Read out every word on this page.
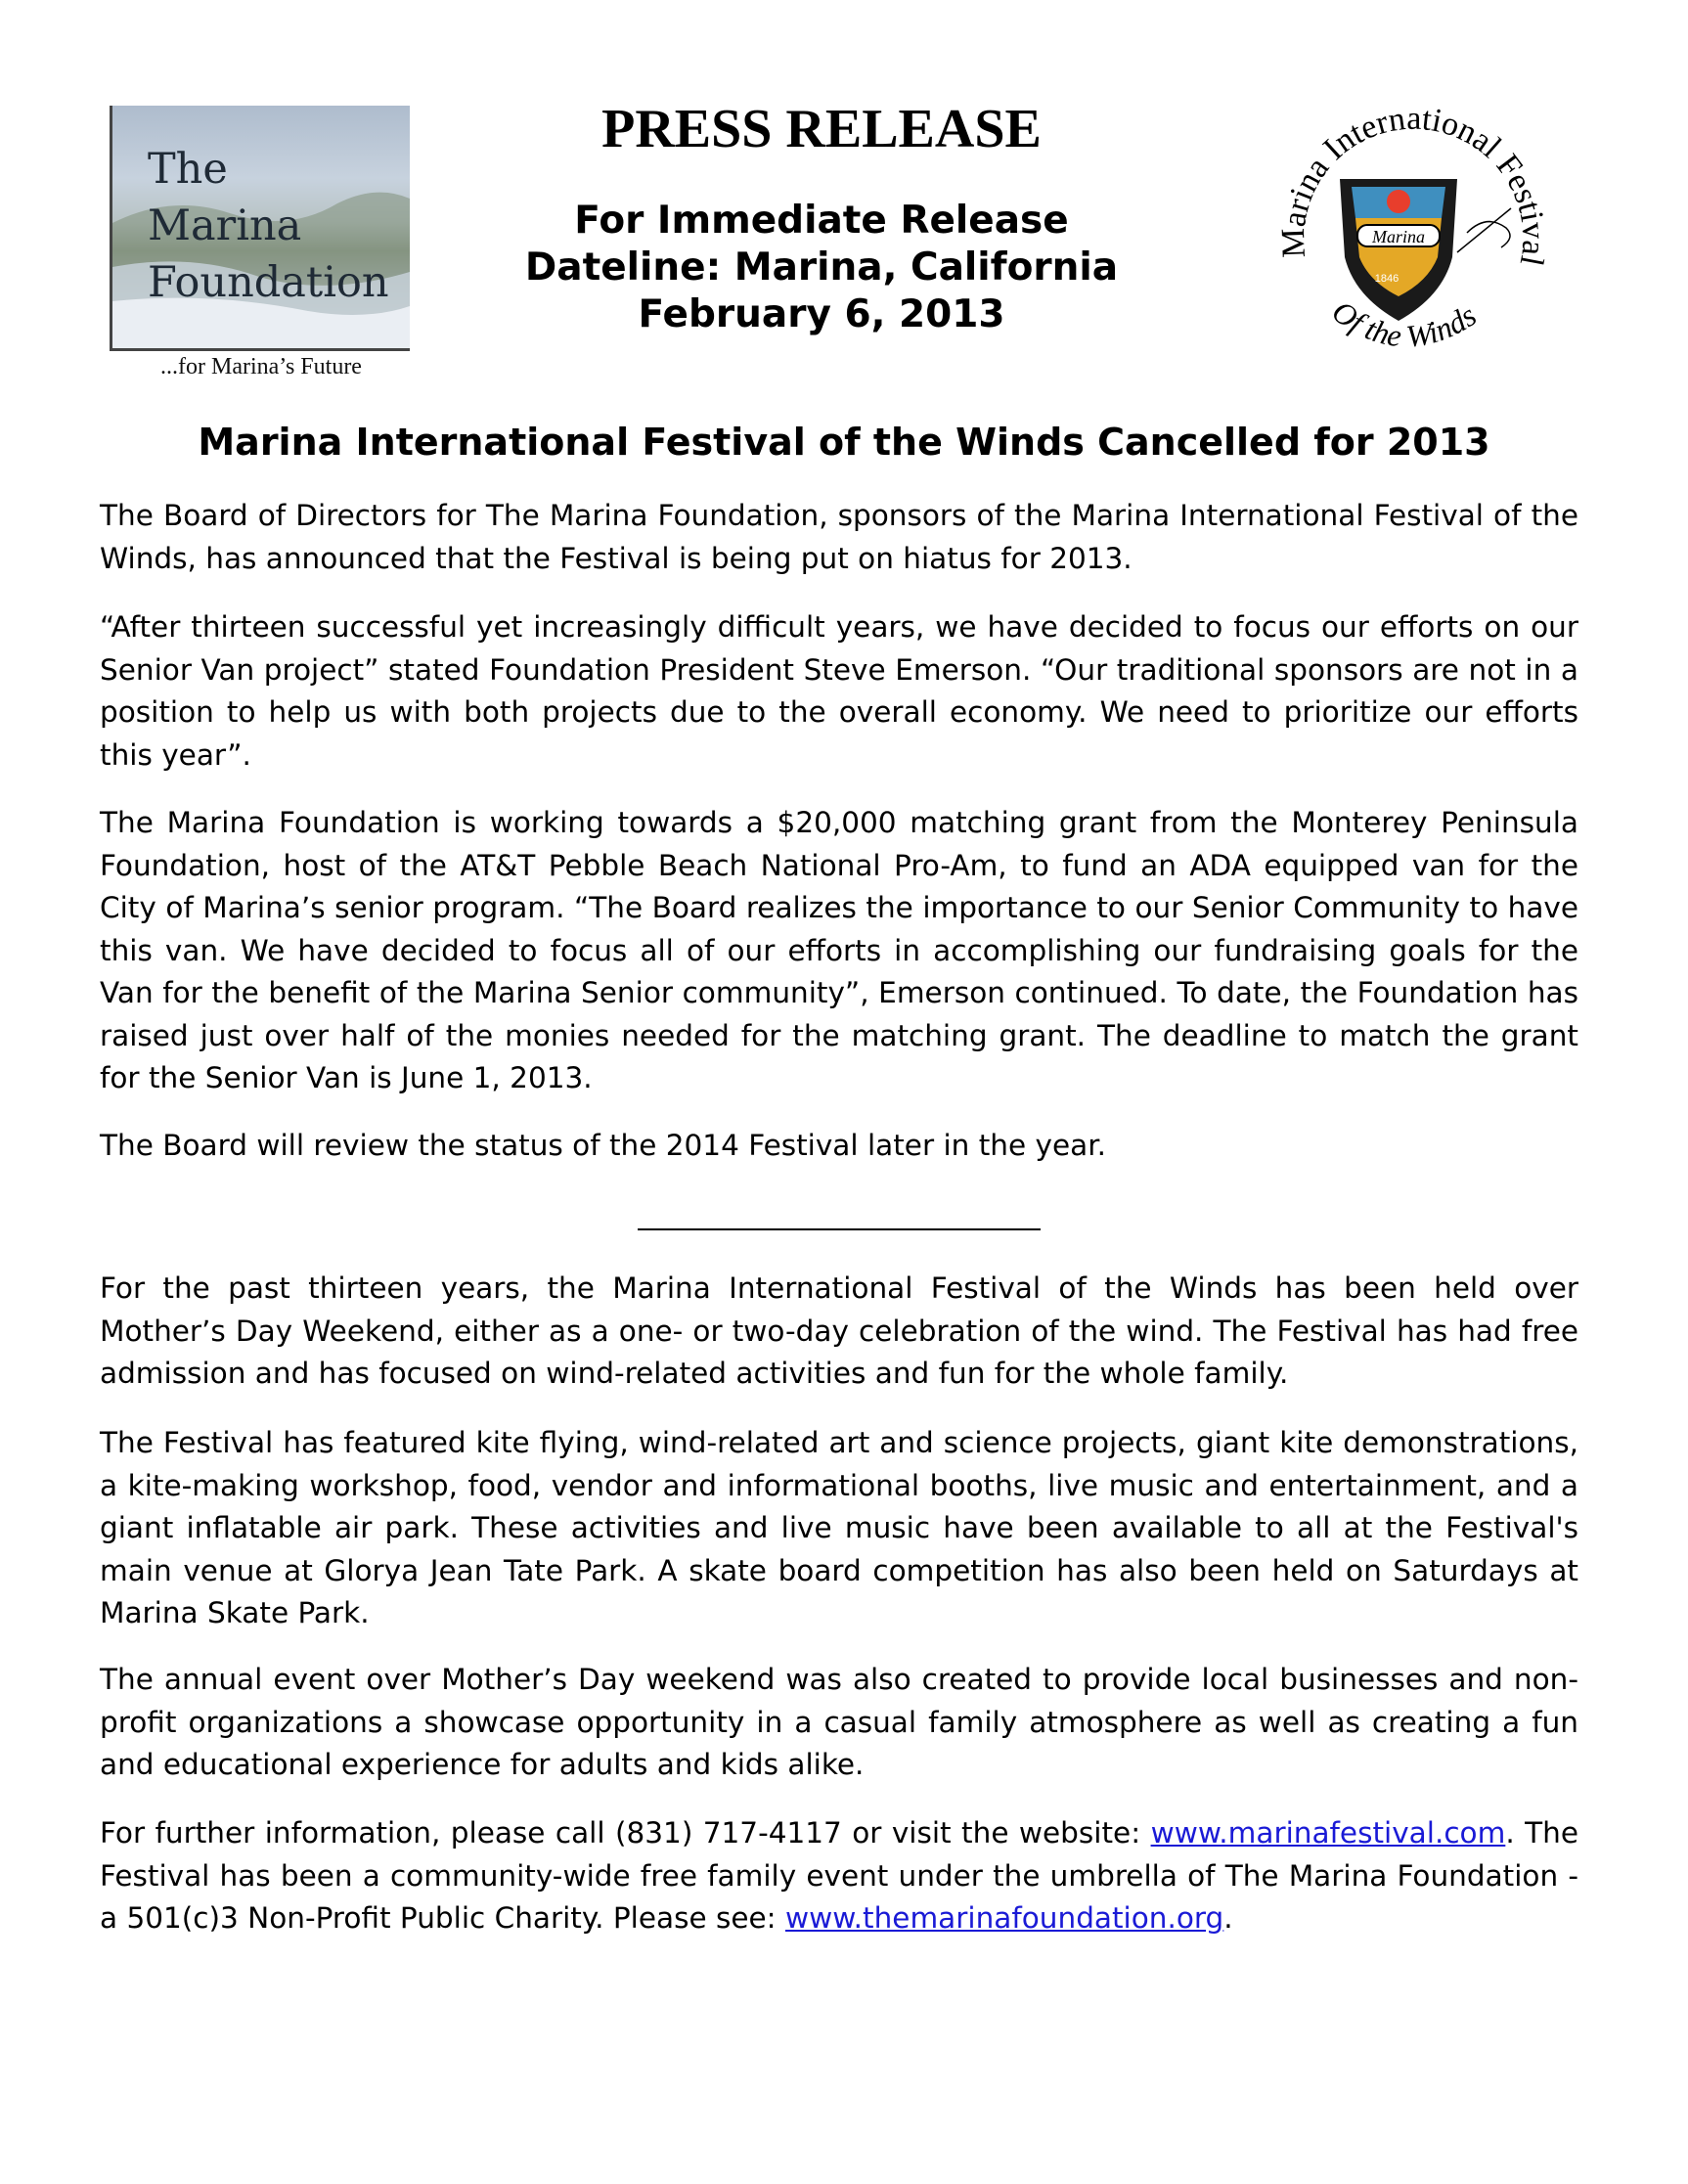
The
Marina
Foundation
...for Marina’s Future
PRESS RELEASE
For Immediate Release
Dateline: Marina, California
February 6, 2013
Marina International Festival
Marina
1846
Of the Winds
Marina International Festival of the Winds Cancelled for 2013

The Board of Directors for The Marina Foundation, sponsors of the Marina International Festival of the Winds, has announced that the Festival is being put on hiatus for 2013.

“After thirteen successful yet increasingly difficult years, we have decided to focus our efforts on our Senior Van project” stated Foundation President Steve Emerson. “Our traditional sponsors are not in a position to help us with both projects due to the overall economy. We need to prioritize our efforts this year”.

The Marina Foundation is working towards a $20,000 matching grant from the Monterey Peninsula Foundation, host of the AT&T Pebble Beach National Pro-Am, to fund an ADA equipped van for the City of Marina’s senior program. “The Board realizes the importance to our Senior Community to have this van. We have decided to focus all of our efforts in accomplishing our fundraising goals for the Van for the benefit of the Marina Senior community”, Emerson continued. To date, the Foundation has raised just over half of the monies needed for the matching grant. The deadline to match the grant for the Senior Van is June 1, 2013.

The Board will review the status of the 2014 Festival later in the year.

For the past thirteen years, the Marina International Festival of the Winds has been held over Mother’s Day Weekend, either as a one- or two-day celebration of the wind. The Festival has had free admission and has focused on wind-related activities and fun for the whole family.

The Festival has featured kite flying, wind-related art and science projects, giant kite demonstrations, a kite-making workshop, food, vendor and informational booths, live music and entertainment, and a giant inflatable air park. These activities and live music have been available to all at the Festival's main venue at Glorya Jean Tate Park. A skate board competition has also been held on Saturdays at Marina Skate Park.

The annual event over Mother’s Day weekend was also created to provide local businesses and non-profit organizations a showcase opportunity in a casual family atmosphere as well as creating a fun and educational experience for adults and kids alike.

For further information, please call (831) 717-4117 or visit the website: www.marinafestival.com. The Festival has been a community-wide free family event under the umbrella of The Marina Foundation - a 501(c)3 Non-Profit Public Charity. Please see: www.themarinafoundation.org.
